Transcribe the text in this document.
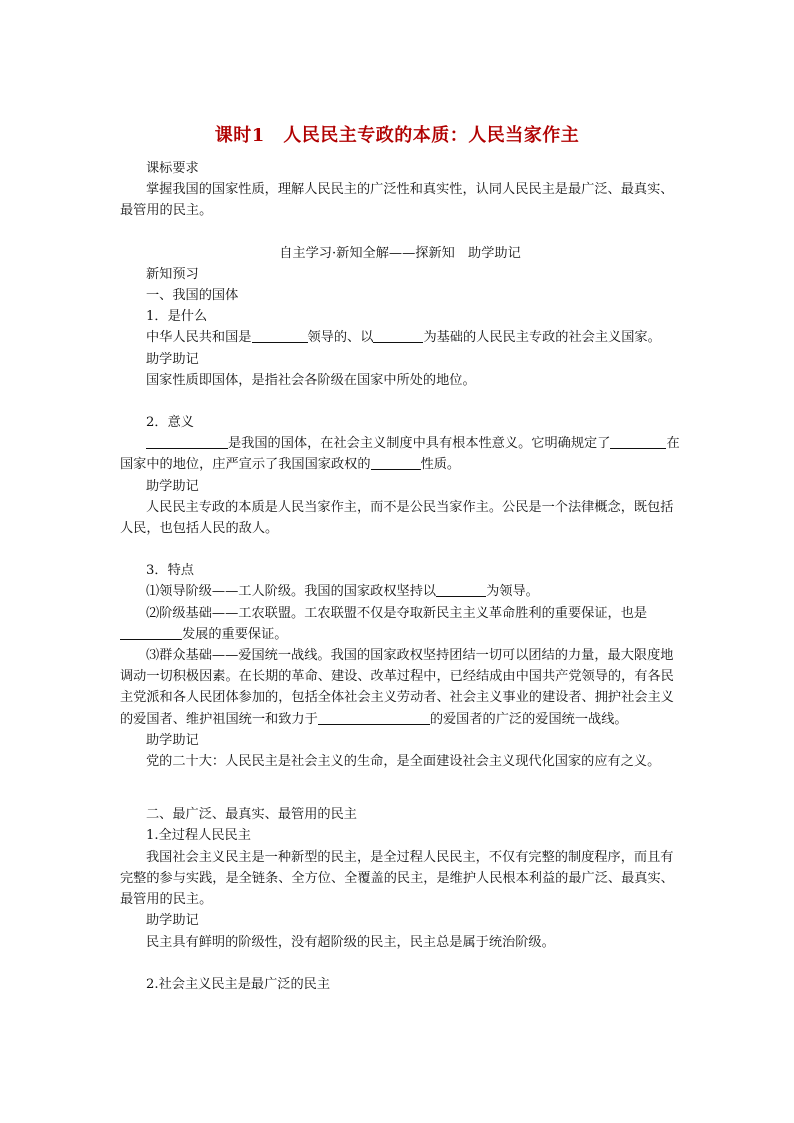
课时1　人民民主专政的本质：人民当家作主

课标要求

掌握我国的国家性质，理解人民民主的广泛性和真实性，认同人民民主是最广泛、最真实、最管用的民主。

自主学习·新知全解——探新知　助学助记

新知预习

一、我国的国体

1．是什么

中华人民共和国是	领导的、以	为基础的人民民主专政的社会主义国家。

助学助记

国家性质即国体，是指社会各阶级在国家中所处的地位。

2．意义

是我国的国体，在社会主义制度中具有根本性意义。它明确规定了	在国家中的地位，庄严宣示了我国国家政权的	性质。

助学助记

人民民主专政的本质是人民当家作主，而不是公民当家作主。公民是一个法律概念，既包括人民，也包括人民的敌人。

3．特点

⑴领导阶级——工人阶级。我国的国家政权坚持以	为领导。

⑵阶级基础——工农联盟。工农联盟不仅是夺取新民主主义革命胜利的重要保证，也是发展的重要保证。

⑶群众基础——爱国统一战线。我国的国家政权坚持团结一切可以团结的力量，最大限度地调动一切积极因素。在长期的革命、建设、改革过程中，已经结成由中国共产党领导的，有各民主党派和各人民团体参加的，包括全体社会主义劳动者、社会主义事业的建设者、拥护社会主义的爱国者、维护祖国统一和致力于	的爱国者的广泛的爱国统一战线。

助学助记

党的二十大：人民民主是社会主义的生命，是全面建设社会主义现代化国家的应有之义。

二、最广泛、最真实、最管用的民主

1.全过程人民民主

我国社会主义民主是一种新型的民主，是全过程人民民主，不仅有完整的制度程序，而且有完整的参与实践，是全链条、全方位、全覆盖的民主，是维护人民根本利益的最广泛、最真实、最管用的民主。

助学助记

民主具有鲜明的阶级性，没有超阶级的民主，民主总是属于统治阶级。

2.社会主义民主是最广泛的民主
